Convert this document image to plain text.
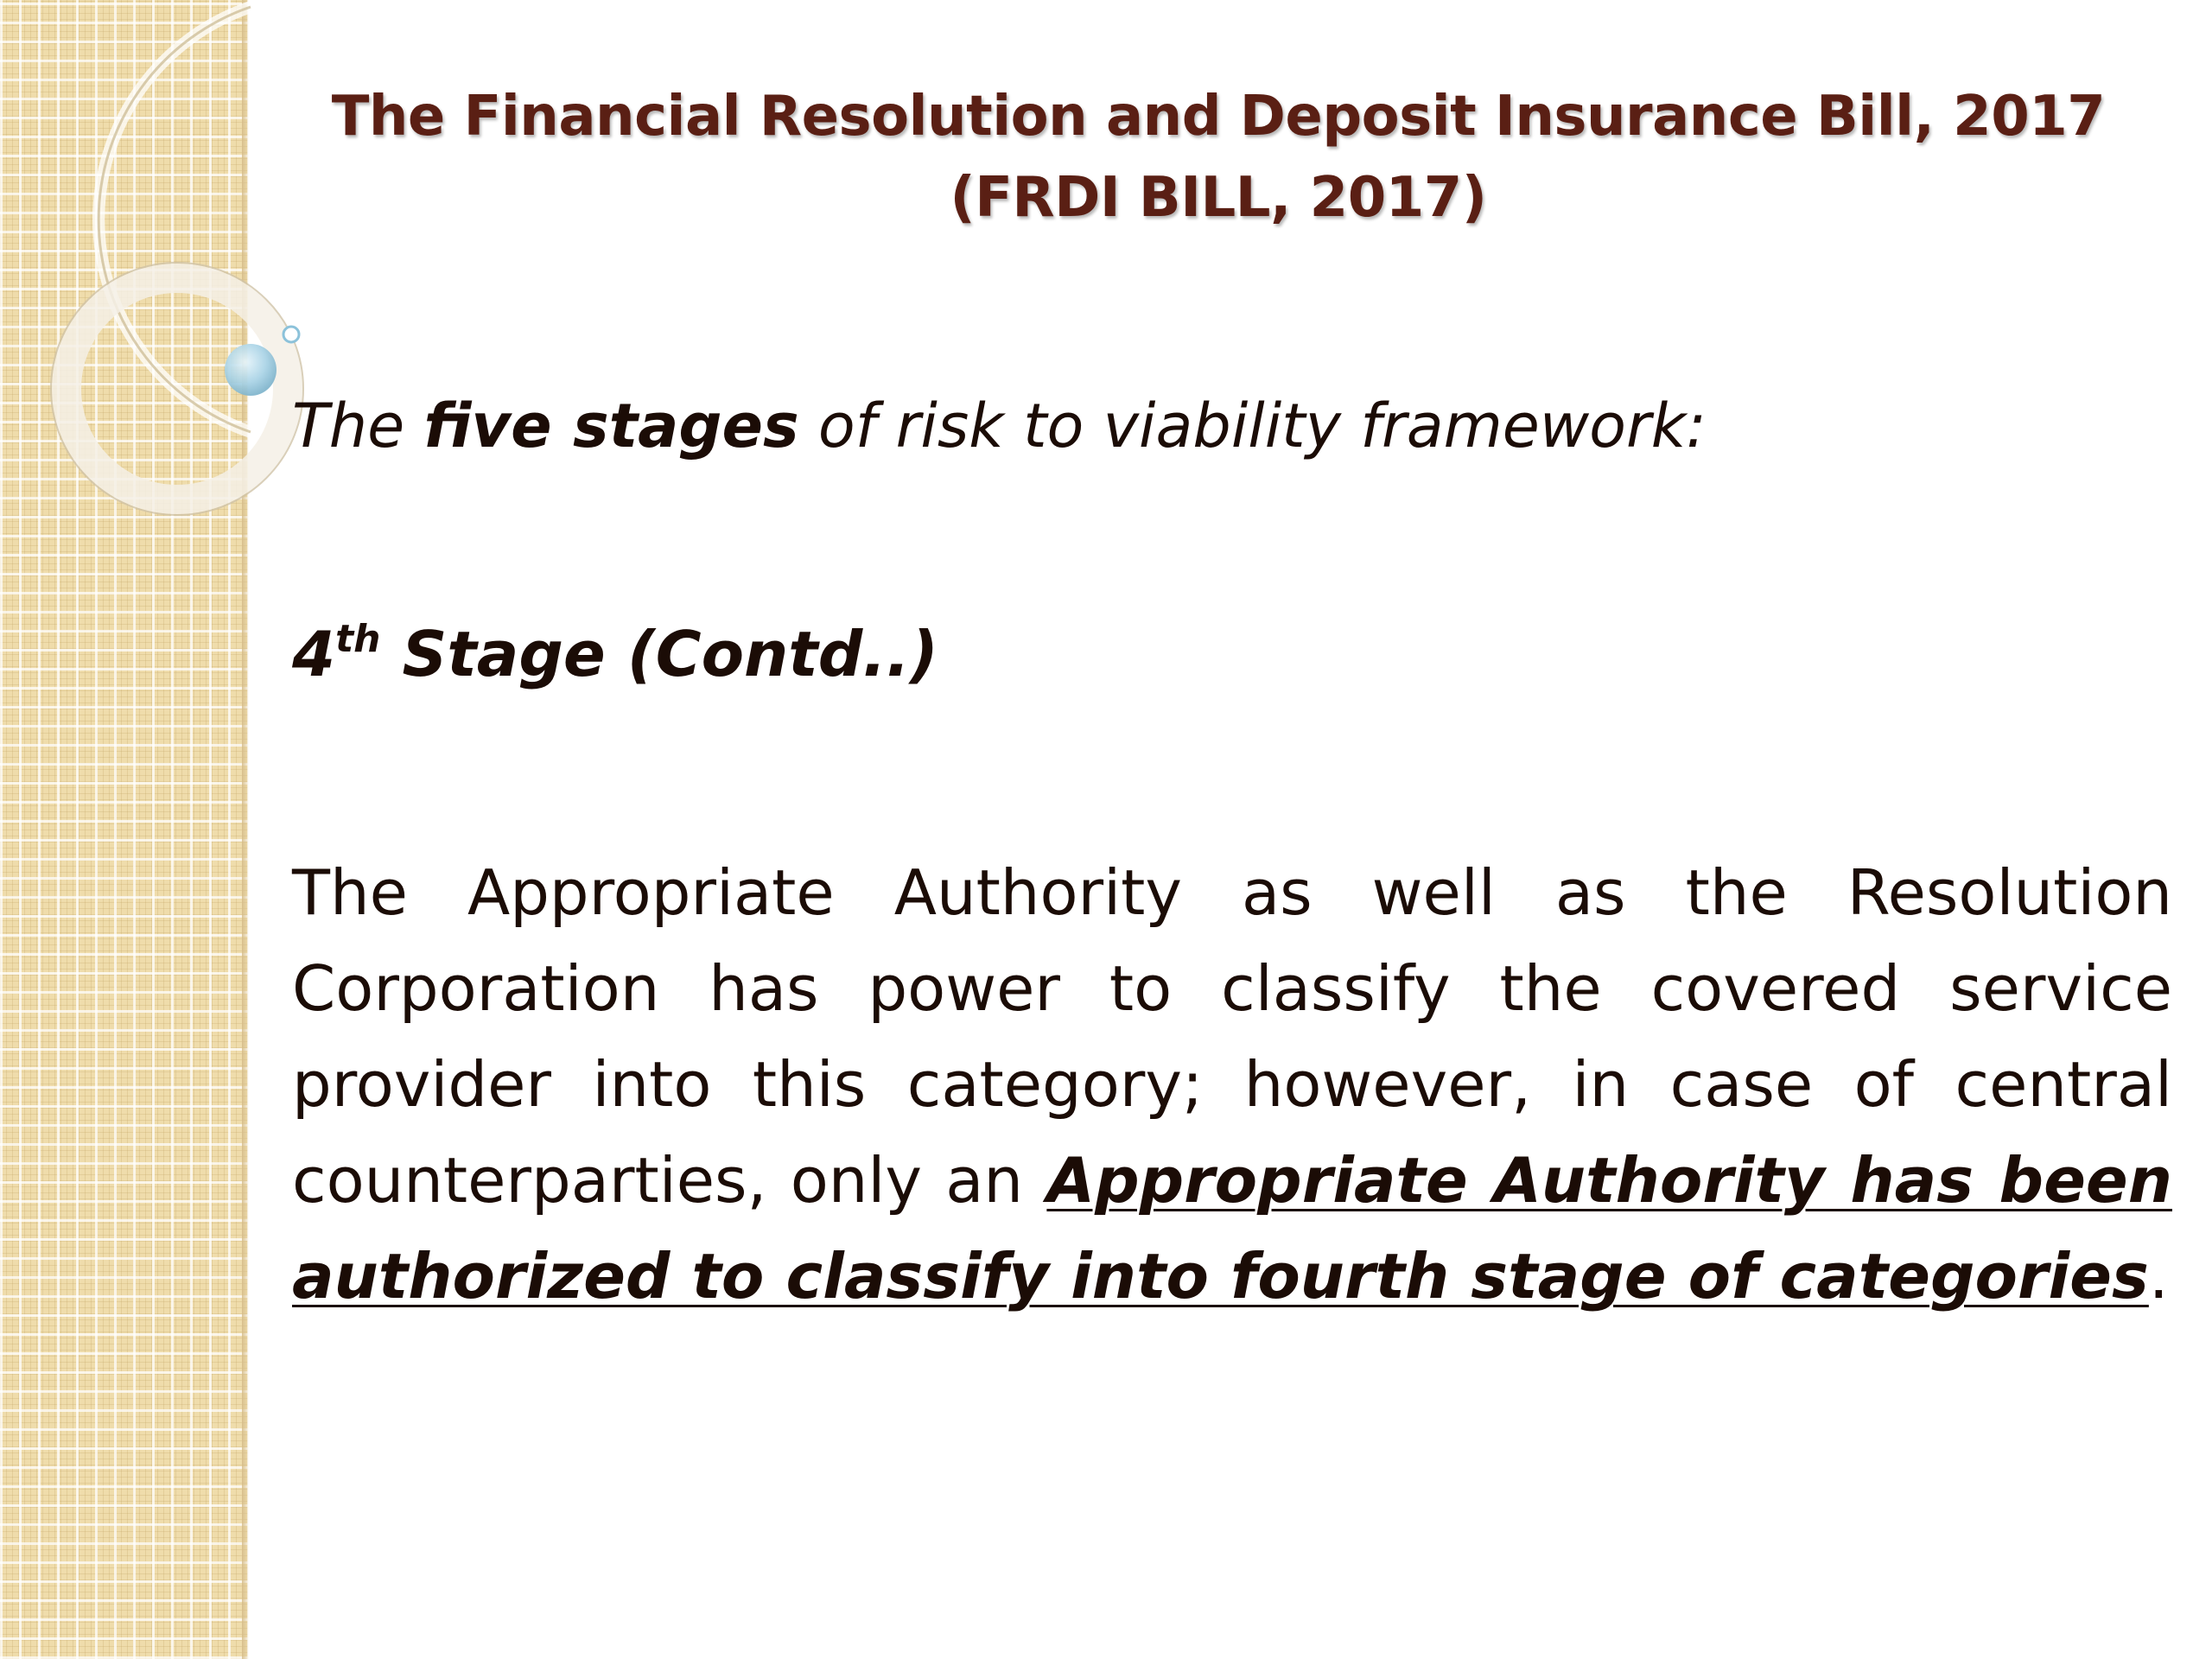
The Financial Resolution and Deposit Insurance Bill, 2017
(FRDI BILL, 2017)
The five stages of risk to viability framework:
4th Stage (Contd..)
The Appropriate Authority as well as the Resolution Corporation has power to classify the covered service provider into this category; however, in case of central counterparties, only an Appropriate Authority has been authorized to classify into fourth stage of categories.
